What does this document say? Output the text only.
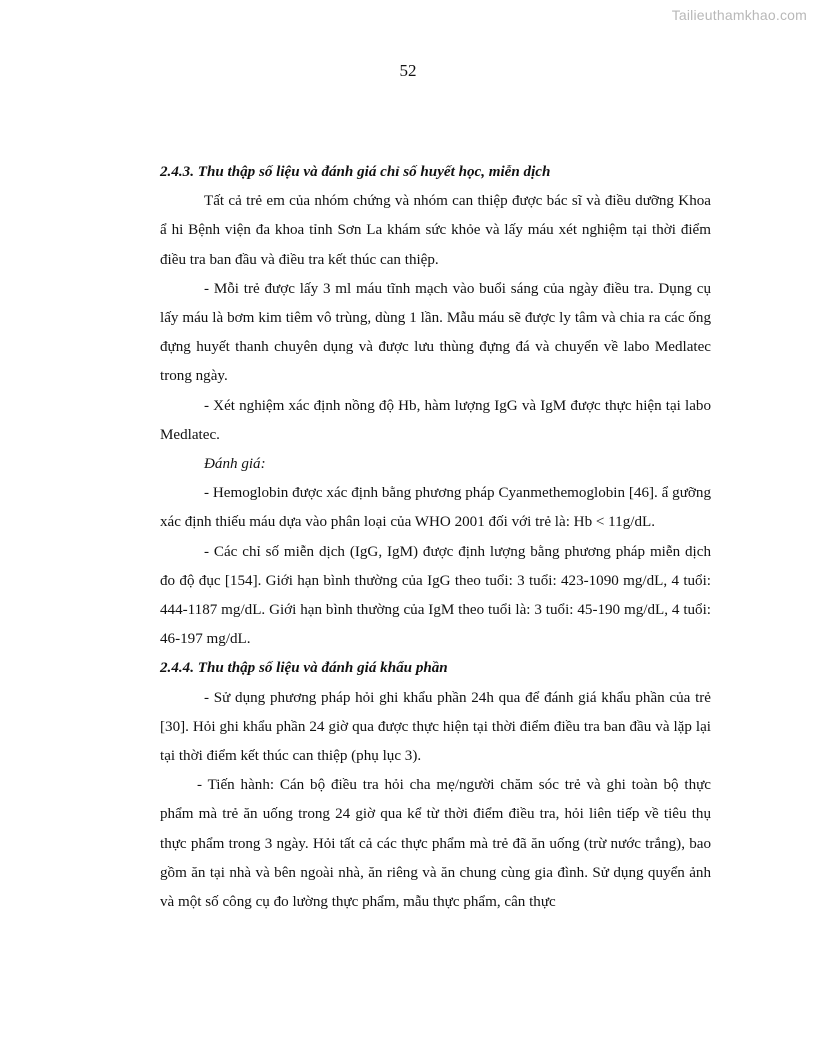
Tailieuthamkhao.com
52

2.4.3. Thu thập số liệu và đánh giá chỉ số huyết học, miễn dịch

Tất cả trẻ em của nhóm chứng và nhóm can thiệp được bác sĩ và điều dưỡng Khoa ẩ hi Bệnh viện đa khoa tỉnh Sơn La khám sức khỏe và lấy máu xét nghiệm tại thời điểm điều tra ban đầu và điều tra kết thúc can thiệp.

- Mỗi trẻ được lấy 3 ml máu tĩnh mạch vào buổi sáng của ngày điều tra. Dụng cụ lấy máu là bơm kim tiêm vô trùng, dùng 1 lần. Mẫu máu sẽ được ly tâm và chia ra các ống đựng huyết thanh chuyên dụng và được lưu thùng đựng đá và chuyển về labo Medlatec trong ngày.

- Xét nghiệm xác định nồng độ Hb, hàm lượng IgG và IgM được thực hiện tại labo Medlatec.

Đánh giá:

- Hemoglobin được xác định bằng phương pháp Cyanmethemoglobin [46]. ẩ gưỡng xác định thiếu máu dựa vào phân loại của WHO 2001 đối với trẻ là: Hb < 11g/dL.

- Các chỉ số miễn dịch (IgG, IgM) được định lượng bằng phương pháp miễn dịch đo độ đục [154]. Giới hạn bình thường của IgG theo tuổi: 3 tuổi: 423-1090 mg/dL, 4 tuổi: 444-1187 mg/dL. Giới hạn bình thường của IgM theo tuổi là: 3 tuổi: 45-190 mg/dL, 4 tuổi: 46-197 mg/dL.

2.4.4. Thu thập số liệu và đánh giá khẩu phần

- Sử dụng phương pháp hỏi ghi khẩu phần 24h qua để đánh giá khẩu phần của trẻ [30]. Hỏi ghi khẩu phần 24 giờ qua được thực hiện tại thời điểm điều tra ban đầu và lặp lại tại thời điểm kết thúc can thiệp (phụ lục 3).

- Tiến hành: Cán bộ điều tra hỏi cha mẹ/người chăm sóc trẻ và ghi toàn bộ thực phẩm mà trẻ ăn uống trong 24 giờ qua kể từ thời điểm điều tra, hỏi liên tiếp về tiêu thụ thực phẩm trong 3 ngày. Hỏi tất cả các thực phẩm mà trẻ đã ăn uống (trừ nước trắng), bao gồm ăn tại nhà và bên ngoài nhà, ăn riêng và ăn chung cùng gia đình. Sử dụng quyển ảnh và một số công cụ đo lường thực phẩm, mẫu thực phẩm, cân thực
